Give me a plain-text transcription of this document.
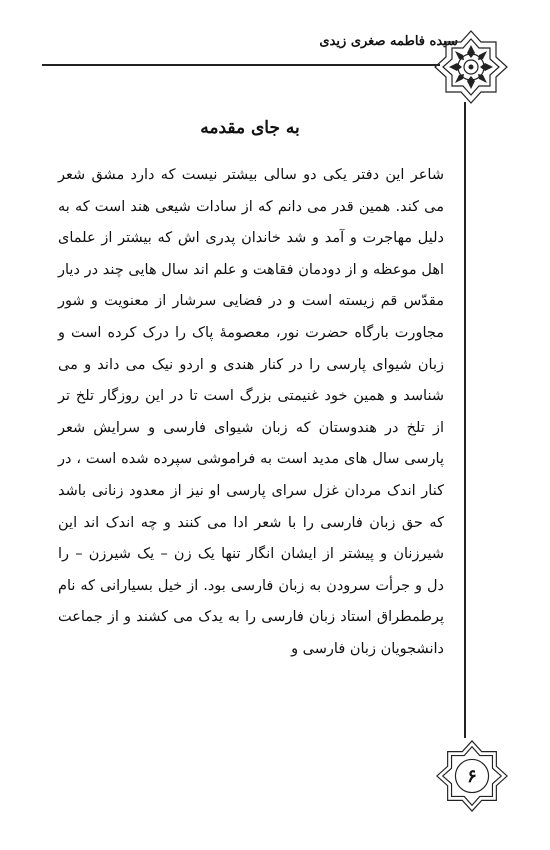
سیده فاطمه صغری زیدی
۶
به جای مقدمه

شاعر این دفتر یکی دو سالی بیشتر نیست که دارد مشق شعر می کند. همین قدر می دانم که از سادات شیعی هند است که به دلیل مهاجرت و آمد و شد خاندان پدری اش که بیشتر از علمای اهل موعظه و از دودمان فقاهت و علم اند سال هایی چند در دیار مقدّس قم زیسته است و در فضایی سرشار از معنویت و شور مجاورت بارگاه حضرت نور، معصومهٔ پاک را درک کرده است و زبان شیوای پارسی را در کنار هندی و اردو نیک می داند و می شناسد و همین خود غنیمتی بزرگ است تا در این روزگار تلخ تر از تلخ در هندوستان که زبان شیوای فارسی و سرایش شعر پارسی سال های مدید است به فراموشی سپرده شده است ، در کنار اندک مردان غزل سرای پارسی او نیز از معدود زنانی باشد که حق زبان فارسی را با شعر ادا می کنند و چه اندک اند این شیرزنان و پیشتر از ایشان انگار تنها یک زن – یک شیرزن – را دل و جرأت سرودن به زبان فارسی بود. از خیل بسیارانی که نام پرطمطراق استاد زبان فارسی را به یدک می کشند و از جماعت دانشجویان زبان فارسی و
